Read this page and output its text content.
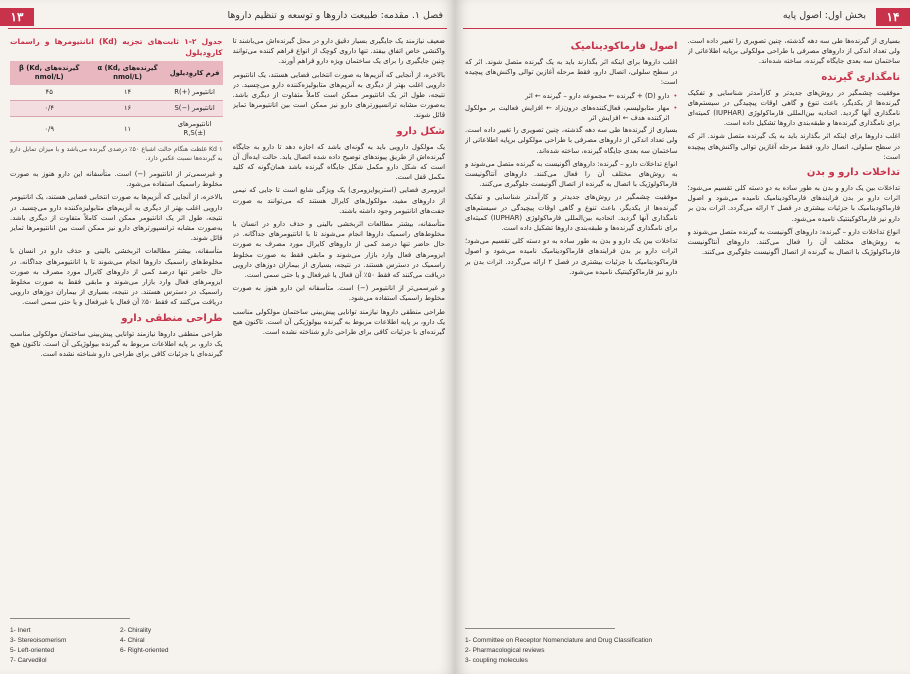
۱۳	فصل ۱. مقدمه: طبیعت داروها و توسعه و تنظیم داروها
جدول ۲-۱ ثابت‌های تجزیه (Kd) انانتیومرها و راسمات کاروِدیلول
فرم کاروِدیلول	گیرنده‌های α (Kd, nmol/L)	گیرنده‌های β (Kd, nmol/L)
انانتیومر (+)R	۱۴	۴۵
انانتیومر (−)S	۱۶	۰/۴
انانتیومرهای (±)R,S	۱۱	۰/۹
Kd ۱ غلظت هنگام حالت اشباع ۵۰٪ درصدی گیرنده می‌باشد و با میزان تمایل دارو به گیرنده‌ها نسبت عکس دارد.

و غیرسمی‌تر از انانتیومر (−) است. متأسفانه این دارو هنوز به صورت مخلوط راسمیک استفاده می‌شود.

بالاخره، از آنجایی که آنزیم‌ها به صورت انتخابی فضایی هستند، یک انانتیومر دارویی اغلب بهتر از دیگری به آنزیم‌های متابولیزه‌کننده دارو می‌چسبد. در نتیجه، طول اثر یک انانتیومر ممکن است کاملاً متفاوت از دیگری باشد. به‌صورت مشابه ترانسپورترهای دارو نیز ممکن است بین انانتیومرها تمایز قائل شوند.

متأسفانه، بیشتر مطالعات اثربخشی بالینی و حذف دارو در انسان با مخلوط‌های راسمیک داروها انجام می‌شوند تا با انانتیومرهای جداگانه. در حال حاضر تنها درصد کمی از داروهای کایرال مورد مصرف به صورت ایزومرهای فعال وارد بازار می‌شوند و مابقی فقط به صورت مخلوط راسمیک در دسترس هستند. در نتیجه، بسیاری از بیماران دوزهای دارویی دریافت می‌کنند که فقط ۵۰٪ آن فعال یا غیرفعال و یا حتی سمی است.

طراحی منطقی دارو

طراحی منطقی داروها نیازمند توانایی پیش‌بینی ساختمان مولکولی مناسب یک دارو، بر پایه اطلاعات مربوط به گیرنده بیولوژیکی آن است. تاکنون هیچ گیرنده‌ای با جزئیات کافی برای طراحی دارو شناخته نشده است.

ضعیف نیازمند یک جایگیری بسیار دقیق دارو در محل گیرنده‌اش می‌باشند تا واکنشی خاص اتفاق بیفتد. تنها داروی کوچک از انواع فراهم کننده می‌توانند چنین جایگیری را برای یک ساختمان ویژه دارو فراهم آورند.

بالاخره، از آنجایی که آنزیم‌ها به صورت انتخابی فضایی هستند، یک انانتیومر دارویی اغلب بهتر از دیگری به آنزیم‌های متابولیزه‌کننده دارو می‌چسبد. در نتیجه، طول اثر یک انانتیومر ممکن است کاملاً متفاوت از دیگری باشد. به‌صورت مشابه ترانسپورترهای دارو نیز ممکن است بین انانتیومرها تمایز قائل شوند.

شکل دارو

یک مولکول دارویی باید به گونه‌ای باشد که اجازه دهد تا دارو به جایگاه گیرنده‌اش از طریق پیوندهای توضیح داده شده اتصال یابد. حالت ایده‌آل آن است که شکل دارو مکمل شکل جایگاه گیرنده باشد همان‌گونه که کلید مکمل قفل است.

ایزومری فضایی (استریوایزومری) یک ویژگی شایع است تا جایی که نیمی از داروهای مفید، مولکول‌های کایرال هستند که می‌توانند به صورت جفت‌های انانتیومر وجود داشته باشند.

متأسفانه، بیشتر مطالعات اثربخشی بالینی و حذف دارو در انسان با مخلوط‌های راسمیک داروها انجام می‌شوند تا با انانتیومرهای جداگانه. در حال حاضر تنها درصد کمی از داروهای کایرال مورد مصرف به صورت ایزومرهای فعال وارد بازار می‌شوند و مابقی فقط به صورت مخلوط راسمیک در دسترس هستند. در نتیجه، بسیاری از بیماران دوزهای دارویی دریافت می‌کنند که فقط ۵۰٪ آن فعال یا غیرفعال و یا حتی سمی است.

و غیرسمی‌تر از انانتیومر (−) است. متأسفانه این دارو هنوز به صورت مخلوط راسمیک استفاده می‌شود.

طراحی منطقی داروها نیازمند توانایی پیش‌بینی ساختمان مولکولی مناسب یک دارو، بر پایه اطلاعات مربوط به گیرنده بیولوژیکی آن است. تاکنون هیچ گیرنده‌ای با جزئیات کافی برای طراحی دارو شناخته نشده است.

1- Inert	2- Chirality
3- Stereoisomerism	4- Chiral
5- Left-oriented	6- Right-oriented
7- Carvedilol
۱۴
بخش اول: اصول پایه
اصول فارماکودینامیک

اغلب داروها برای اینکه اثر بگذارند باید به یک گیرنده متصل شوند. اثر که در سطح سلولی، اتصال دارو، فقط مرحله آغازین توالی واکنش‌های پیچیده است:

• دارو (D) + گیرنده ← مجموعه دارو – گیرنده ← اثر
• مهار متابولیسم، فعال‌کننده‌های درون‌زاد ← افزایش فعالیت بر مولکول اثرکننده هدف ← افزایش اثر

بسیاری از گیرنده‌ها طی سه دهه گذشته، چنین تصویری را تغییر داده است. ولی تعداد اندکی از داروهای مصرفی با طراحی مولکولی برپایه اطلاعاتی از ساختمان سه بعدی جایگاه گیرنده، ساخته شده‌اند.

انواع تداخلات دارو – گیرنده: داروهای آگونیست به گیرنده متصل می‌شوند و به روش‌های مختلف آن را فعال می‌کنند. داروهای آنتاگونیست فارماکولوژیک با اتصال به گیرنده از اتصال آگونیست جلوگیری می‌کنند.

موفقیت چشمگیر در روش‌های جدیدتر و کارآمدتر شناسایی و تفکیک گیرنده‌ها از یکدیگر، باعث تنوع و گاهی اوقات پیچیدگی در سیستم‌های نامگذاری آنها گردید. اتحادیه بین‌المللی فارماکولوژی (IUPHAR) کمیته‌ای برای نامگذاری گیرنده‌ها و طبقه‌بندی داروها تشکیل داده است.

تداخلات بین یک دارو و بدن به طور ساده به دو دسته کلی تقسیم می‌شود؛ اثرات دارو بر بدن فرایندهای فارماکودینامیک نامیده می‌شود و اصول فارماکودینامیک با جزئیات بیشتری در فصل ۲ ارائه می‌گردد. اثرات بدن بر دارو نیز فارماکوکینتیک نامیده می‌شود.

بسیاری از گیرنده‌ها طی سه دهه گذشته، چنین تصویری را تغییر داده است. ولی تعداد اندکی از داروهای مصرفی با طراحی مولکولی برپایه اطلاعاتی از ساختمان سه بعدی جایگاه گیرنده، ساخته شده‌اند.

نامگذاری گیرنده

موفقیت چشمگیر در روش‌های جدیدتر و کارآمدتر شناسایی و تفکیک گیرنده‌ها از یکدیگر، باعث تنوع و گاهی اوقات پیچیدگی در سیستم‌های نامگذاری آنها گردید. اتحادیه بین‌المللی فارماکولوژی (IUPHAR) کمیته‌ای برای نامگذاری گیرنده‌ها و طبقه‌بندی داروها تشکیل داده است.

اغلب داروها برای اینکه اثر بگذارند باید به یک گیرنده متصل شوند. اثر که در سطح سلولی، اتصال دارو، فقط مرحله آغازین توالی واکنش‌های پیچیده است:

تداخلات دارو و بدن

تداخلات بین یک دارو و بدن به طور ساده به دو دسته کلی تقسیم می‌شود؛ اثرات دارو بر بدن فرایندهای فارماکودینامیک نامیده می‌شود و اصول فارماکودینامیک با جزئیات بیشتری در فصل ۲ ارائه می‌گردد. اثرات بدن بر دارو نیز فارماکوکینتیک نامیده می‌شود.

انواع تداخلات دارو – گیرنده: داروهای آگونیست به گیرنده متصل می‌شوند و به روش‌های مختلف آن را فعال می‌کنند. داروهای آنتاگونیست فارماکولوژیک با اتصال به گیرنده از اتصال آگونیست جلوگیری می‌کنند.

1- Committee on Receptor Nomenclature and Drug Classification
2- Pharmacological reviews
3- coupling molecules
